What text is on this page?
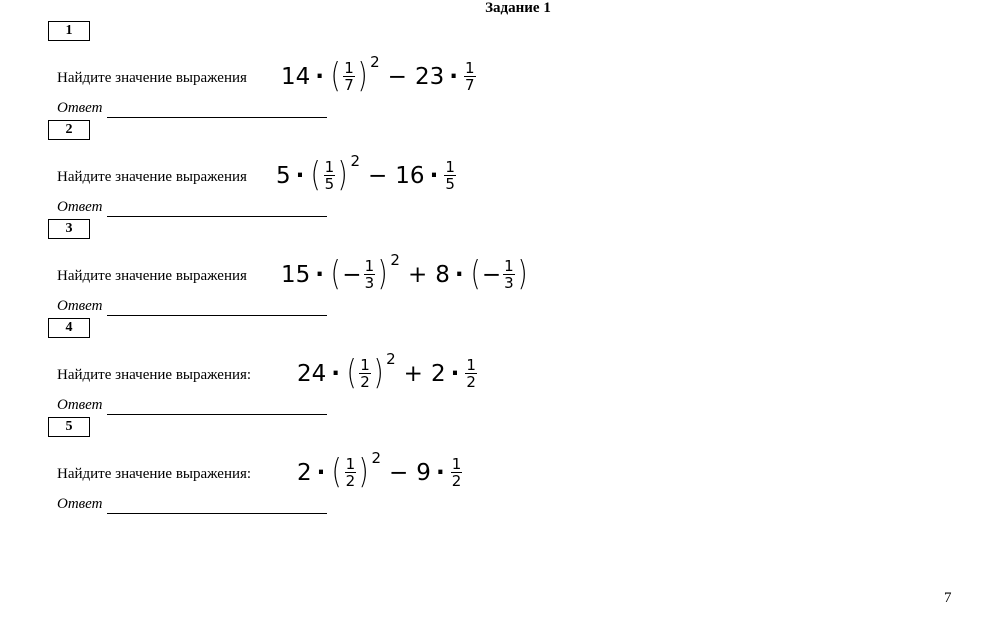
Задание 1
1
Найдите значение выражения 14 · ( $\frac{1}{7}$ ) 2
− $23 \cdot \frac{1}{7}$
Ответ
2
Найдите значение выражения 5 · ( $\frac{1}{5}$ ) 2
− $16 \cdot \frac{1}{5}$
Ответ
3
Найдите значение выражения 15 · ( − $\frac{1}{3}$ ) 2
+ 8 · ( − $\frac{1}{3}$ )
Ответ
4
Найдите значение выражения: 24 · ( $\frac{1}{2}$ ) 2
+ $2 \cdot \frac{1}{2}$
Ответ
5
Найдите значение выражения: 2 · ( $\frac{1}{2}$ ) 2
− $9 \cdot \frac{1}{2}$
Ответ
7
